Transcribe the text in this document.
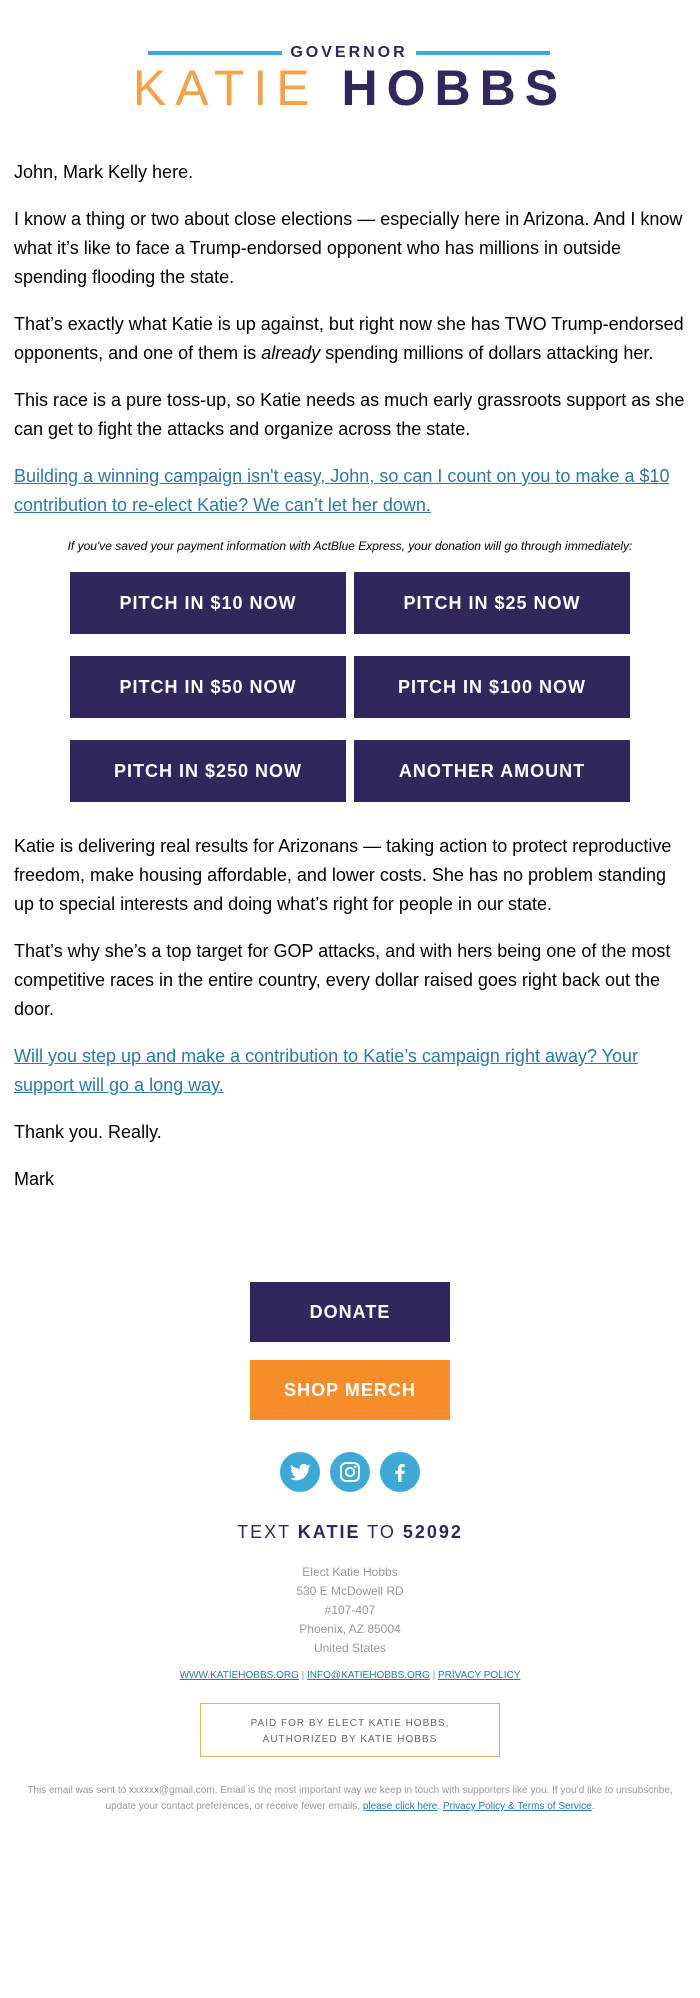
GOVERNOR
KATIE HOBBS

John, Mark Kelly here.

I know a thing or two about close elections — especially here in Arizona. And I know what it’s like to face a Trump-endorsed opponent who has millions in outside spending flooding the state.

That’s exactly what Katie is up against, but right now she has TWO Trump-endorsed opponents, and one of them is already spending millions of dollars attacking her.

This race is a pure toss-up, so Katie needs as much early grassroots support as she can get to fight the attacks and organize across the state.

Building a winning campaign isn't easy, John, so can I count on you to make a $10 contribution to re-elect Katie? We can’t let her down.

If you've saved your payment information with ActBlue Express, your donation will go through immediately:
PITCH IN $10 NOW	PITCH IN $25 NOW
PITCH IN $50 NOW	PITCH IN $100 NOW
PITCH IN $250 NOW	ANOTHER AMOUNT

Katie is delivering real results for Arizonans — taking action to protect reproductive freedom, make housing affordable, and lower costs. She has no problem standing up to special interests and doing what’s right for people in our state.

That’s why she’s a top target for GOP attacks, and with hers being one of the most competitive races in the entire country, every dollar raised goes right back out the door.

Will you step up and make a contribution to Katie’s campaign right away? Your support will go a long way.

Thank you. Really.

Mark

DONATE
SHOP MERCH
TEXT KATIE TO 52092
Elect Katie Hobbs
530 E McDowell RD
#107-407
Phoenix, AZ 85004
United States
WWW.KATIEHOBBS.ORG | INFO@KATIEHOBBS.ORG | PRIVACY POLICY
PAID FOR BY ELECT KATIE HOBBS,
AUTHORIZED BY KATIE HOBBS
This email was sent to xxxxxx@gmail.com. Email is the most important way we keep in touch with supporters like you. If you’d like to unsubscribe, update your contact preferences, or receive fewer emails, please click here. Privacy Policy & Terms of Service.
